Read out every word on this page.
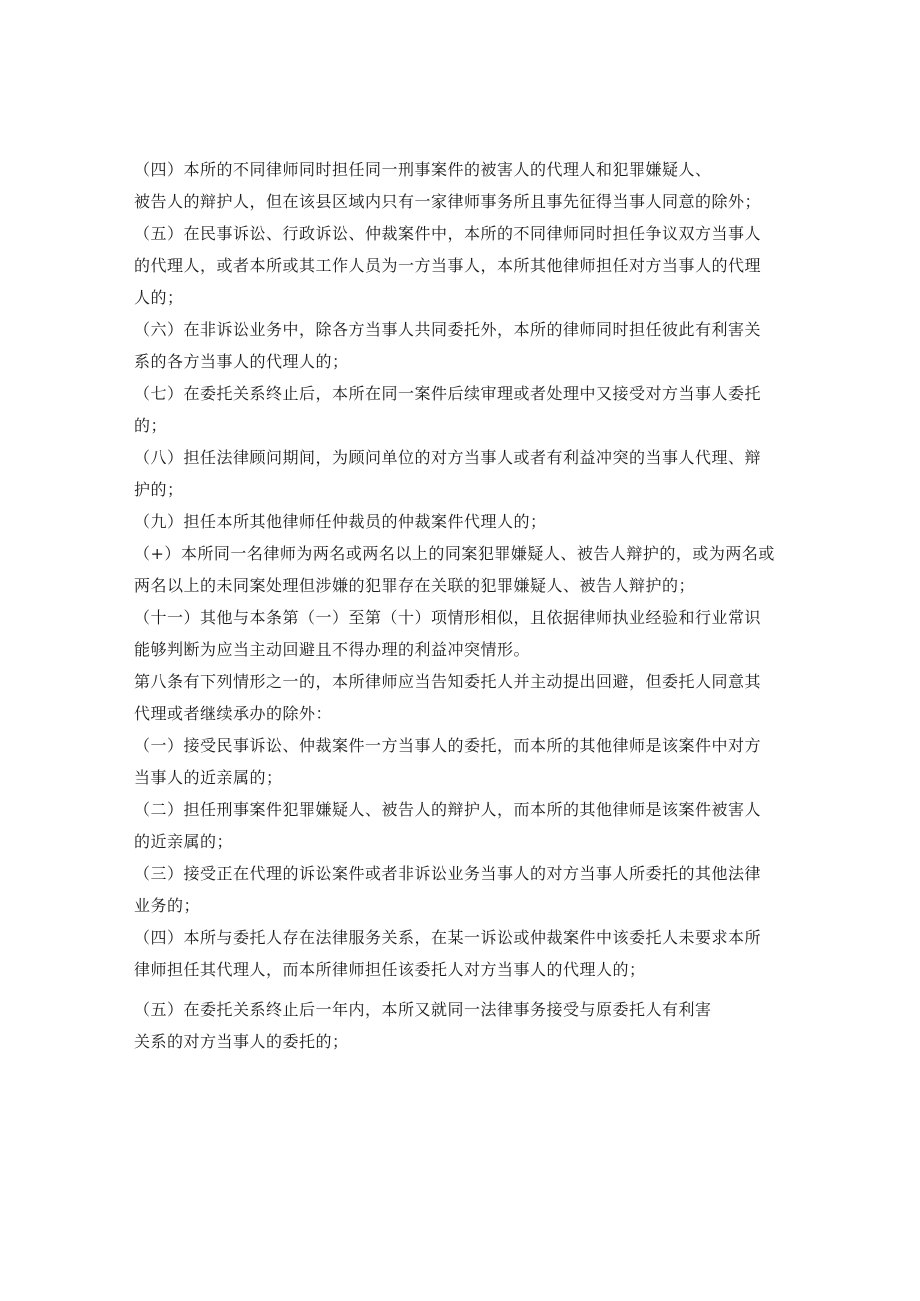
（四）本所的不同律师同时担任同一刑事案件的被害人的代理人和犯罪嫌疑人、
被告人的辩护人，但在该县区域内只有一家律师事务所且事先征得当事人同意的除外；

（五）在民事诉讼、行政诉讼、仲裁案件中，本所的不同律师同时担任争议双方当事人
的代理人，或者本所或其工作人员为一方当事人，本所其他律师担任对方当事人的代理
人的；

（六）在非诉讼业务中，除各方当事人共同委托外，本所的律师同时担任彼此有利害关
系的各方当事人的代理人的；

（七）在委托关系终止后，本所在同一案件后续审理或者处理中又接受对方当事人委托
的；

（八）担任法律顾问期间，为顾问单位的对方当事人或者有利益冲突的当事人代理、辩
护的；

（九）担任本所其他律师任仲裁员的仲裁案件代理人的；

（+）本所同一名律师为两名或两名以上的同案犯罪嫌疑人、被告人辩护的，或为两名或
两名以上的未同案处理但涉嫌的犯罪存在关联的犯罪嫌疑人、被告人辩护的；

（十一）其他与本条第（一）至第（十）项情形相似，且依据律师执业经验和行业常识
能够判断为应当主动回避且不得办理的利益冲突情形。

第八条有下列情形之一的，本所律师应当告知委托人并主动提出回避，但委托人同意其
代理或者继续承办的除外：

（一）接受民事诉讼、仲裁案件一方当事人的委托，而本所的其他律师是该案件中对方
当事人的近亲属的；

（二）担任刑事案件犯罪嫌疑人、被告人的辩护人，而本所的其他律师是该案件被害人
的近亲属的；

（三）接受正在代理的诉讼案件或者非诉讼业务当事人的对方当事人所委托的其他法律
业务的；

（四）本所与委托人存在法律服务关系，在某一诉讼或仲裁案件中该委托人未要求本所
律师担任其代理人，而本所律师担任该委托人对方当事人的代理人的；

（五）在委托关系终止后一年内，本所又就同一法律事务接受与原委托人有利害
关系的对方当事人的委托的；
